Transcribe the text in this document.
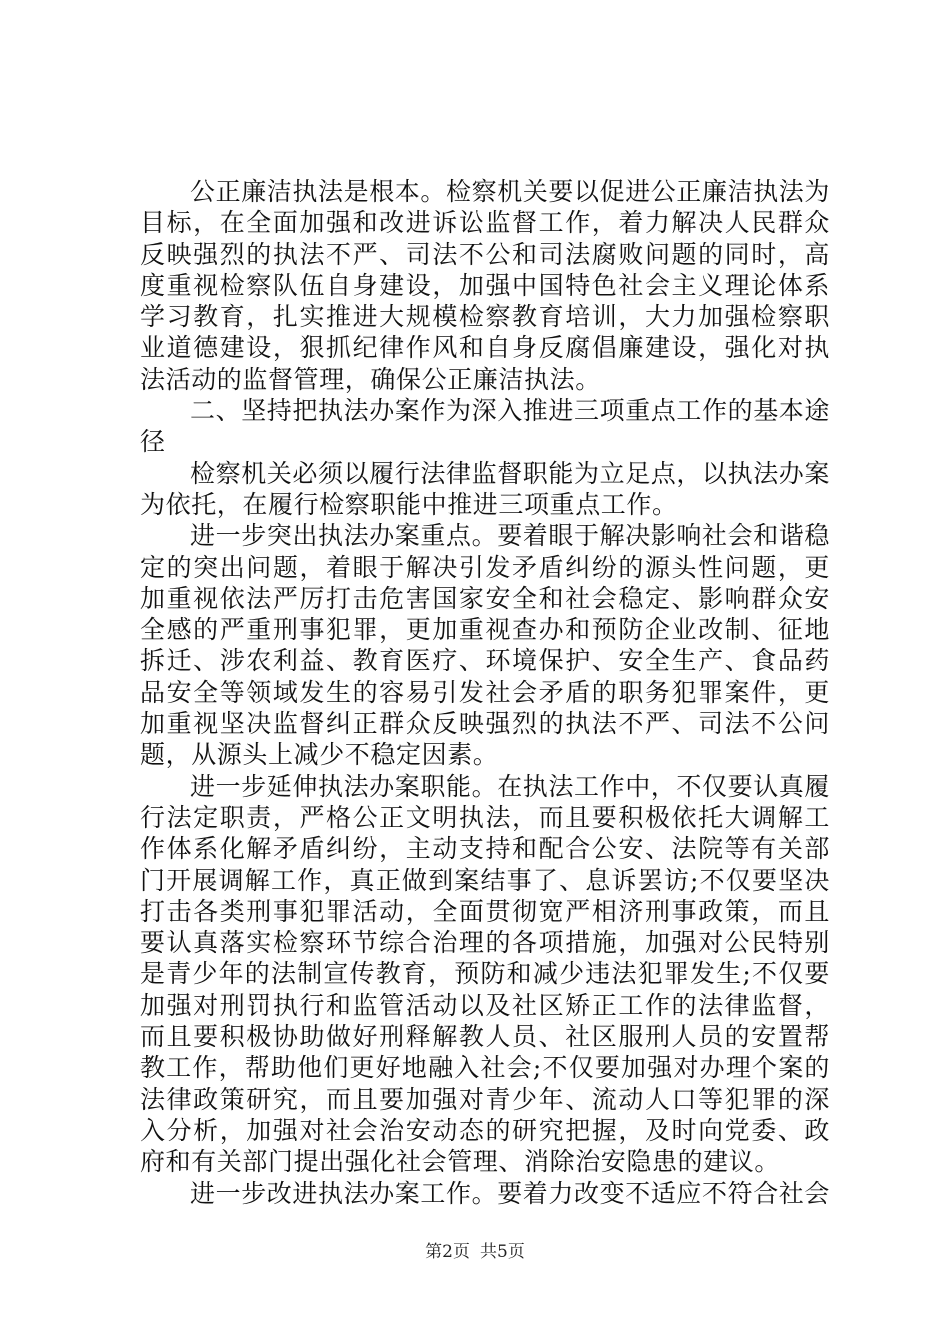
公正廉洁执法是根本。检察机关要以促进公正廉洁执法为目标，在全面加强和改进诉讼监督工作，着力解决人民群众反映强烈的执法不严、司法不公和司法腐败问题的同时，高度重视检察队伍自身建设，加强中国特色社会主义理论体系学习教育，扎实推进大规模检察教育培训，大力加强检察职业道德建设，狠抓纪律作风和自身反腐倡廉建设，强化对执法活动的监督管理，确保公正廉洁执法。

二、坚持把执法办案作为深入推进三项重点工作的基本途径

检察机关必须以履行法律监督职能为立足点，以执法办案为依托，在履行检察职能中推进三项重点工作。

进一步突出执法办案重点。要着眼于解决影响社会和谐稳定的突出问题，着眼于解决引发矛盾纠纷的源头性问题，更加重视依法严厉打击危害国家安全和社会稳定、影响群众安全感的严重刑事犯罪，更加重视查办和预防企业改制、征地拆迁、涉农利益、教育医疗、环境保护、安全生产、食品药品安全等领域发生的容易引发社会矛盾的职务犯罪案件，更加重视坚决监督纠正群众反映强烈的执法不严、司法不公问题，从源头上减少不稳定因素。

进一步延伸执法办案职能。在执法工作中，不仅要认真履行法定职责，严格公正文明执法，而且要积极依托大调解工作体系化解矛盾纠纷，主动支持和配合公安、法院等有关部门开展调解工作，真正做到案结事了、息诉罢访;不仅要坚决打击各类刑事犯罪活动，全面贯彻宽严相济刑事政策，而且要认真落实检察环节综合治理的各项措施，加强对公民特别是青少年的法制宣传教育，预防和减少违法犯罪发生;不仅要加强对刑罚执行和监管活动以及社区矫正工作的法律监督，而且要积极协助做好刑释解教人员、社区服刑人员的安置帮教工作，帮助他们更好地融入社会;不仅要加强对办理个案的法律政策研究，而且要加强对青少年、流动人口等犯罪的深入分析，加强对社会治安动态的研究把握，及时向党委、政府和有关部门提出强化社会管理、消除治安隐患的建议。

进一步改进执法办案工作。要着力改变不适应不符合社会

第2页 共5页
